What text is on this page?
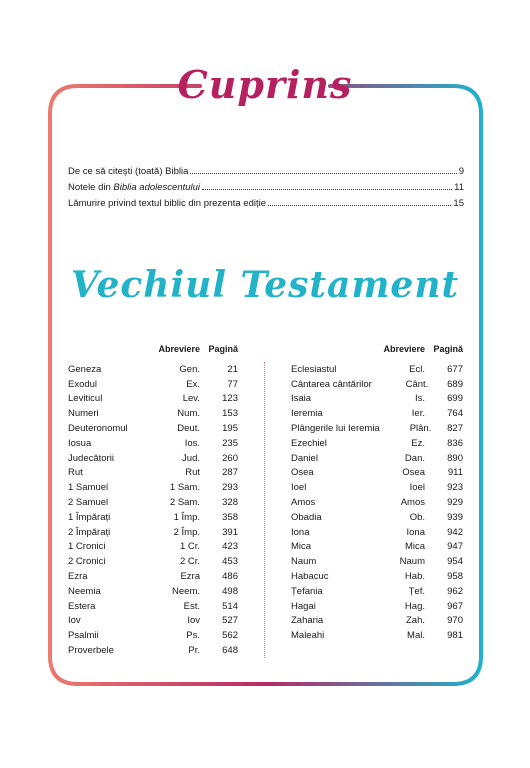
Cuprins
De ce să citești (toată) Biblia	9
Notele din Biblia adolescentului	11
Lămurire privind textul biblic din prezenta ediție	15
Vechiul Testament
Abreviere Pagină
Geneza	Gen.	21
Exodul	Ex.	77
Leviticul	Lev.	123
Numeri	Num.	153
Deuteronomul	Deut.	195
Iosua	Ios.	235
Judecătorii	Jud.	260
Rut	Rut	287
1 Samuel	1 Sam.	293
2 Samuel	2 Sam.	328
1 Împărați	1 Împ.	358
2 Împărați	2 Împ.	391
1 Cronici	1 Cr.	423
2 Cronici	2 Cr.	453
Ezra	Ezra	486
Neemia	Neem.	498
Estera	Est.	514
Iov	Iov	527
Psalmii	Ps.	562
Proverbele	Pr.	648
Abreviere Pagină
Eclesiastul	Ecl.	677
Cântarea cântărilor	Cânt.	689
Isaia	Is.	699
Ieremia	Ier.	764
Plângerile lui Ieremia	Plân.	827
Ezechiel	Ez.	836
Daniel	Dan.	890
Osea	Osea	911
Ioel	Ioel	923
Amos	Amos	929
Obadia	Ob.	939
Iona	Iona	942
Mica	Mica	947
Naum	Naum	954
Habacuc	Hab.	958
Țefania	Țef.	962
Hagai	Hag.	967
Zaharia	Zah.	970
Maleahi	Mal.	981
